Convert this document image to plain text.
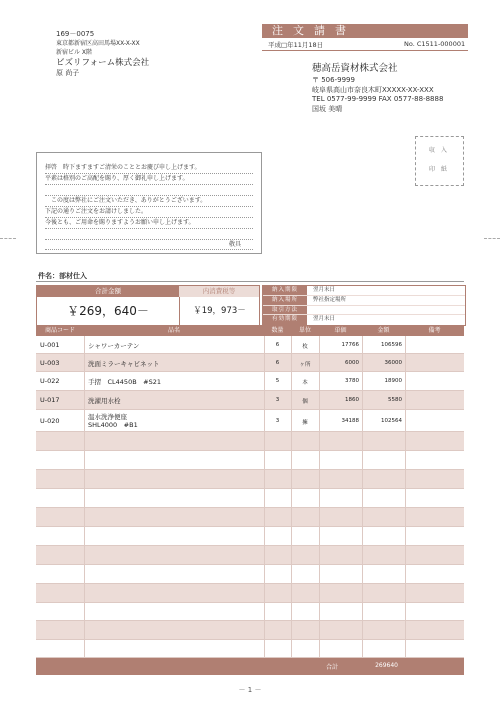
169－0075
東京都新宿区高田馬場XX-X-XX
新宿ビル X階
ビズリフォーム株式会社
原 尚子
注文請書
平成□年11月18日	No. C1511-000001
穂高岳資材株式会社
〒 506-9999
岐阜県高山市奈良木町XXXXX-XX-XXX
TEL 0577-99-9999 FAX 0577-88-8888
国坂 美晴
収 入
印 紙
拝啓　時下ますますご清栄のこととお慶び申し上げます。
平素は格別のご高配を賜り、厚く御礼申し上げます。
この度は弊社にご注文いただき、ありがとうございます。
下記の通りご注文をお請けしました。
今後とも、ご用命を賜りますようお願い申し上げます。
敬具
件名：部材仕入
合計金額	内消費税等
￥269，640－	￥19，973－
納入期限	翌月末日
納入場所	弊社指定場所
取引方法
有効期限	翌月末日
商品コード	品名	数量	単位	単価	金額	備考
U-001	シャワーカーテン	6	枚	17766	106596
U-003	洗面ミラーキャビネット	6	ヶ所	6000	36000
U-022	手摺　CL4450B　#S21	5	本	3780	18900
U-017	洗濯用水栓	3	個	1860	5580
U-020	温水洗浄便座
SHL4000　#B1	3	擁	34188	102564
合計	269640
－ 1 －
